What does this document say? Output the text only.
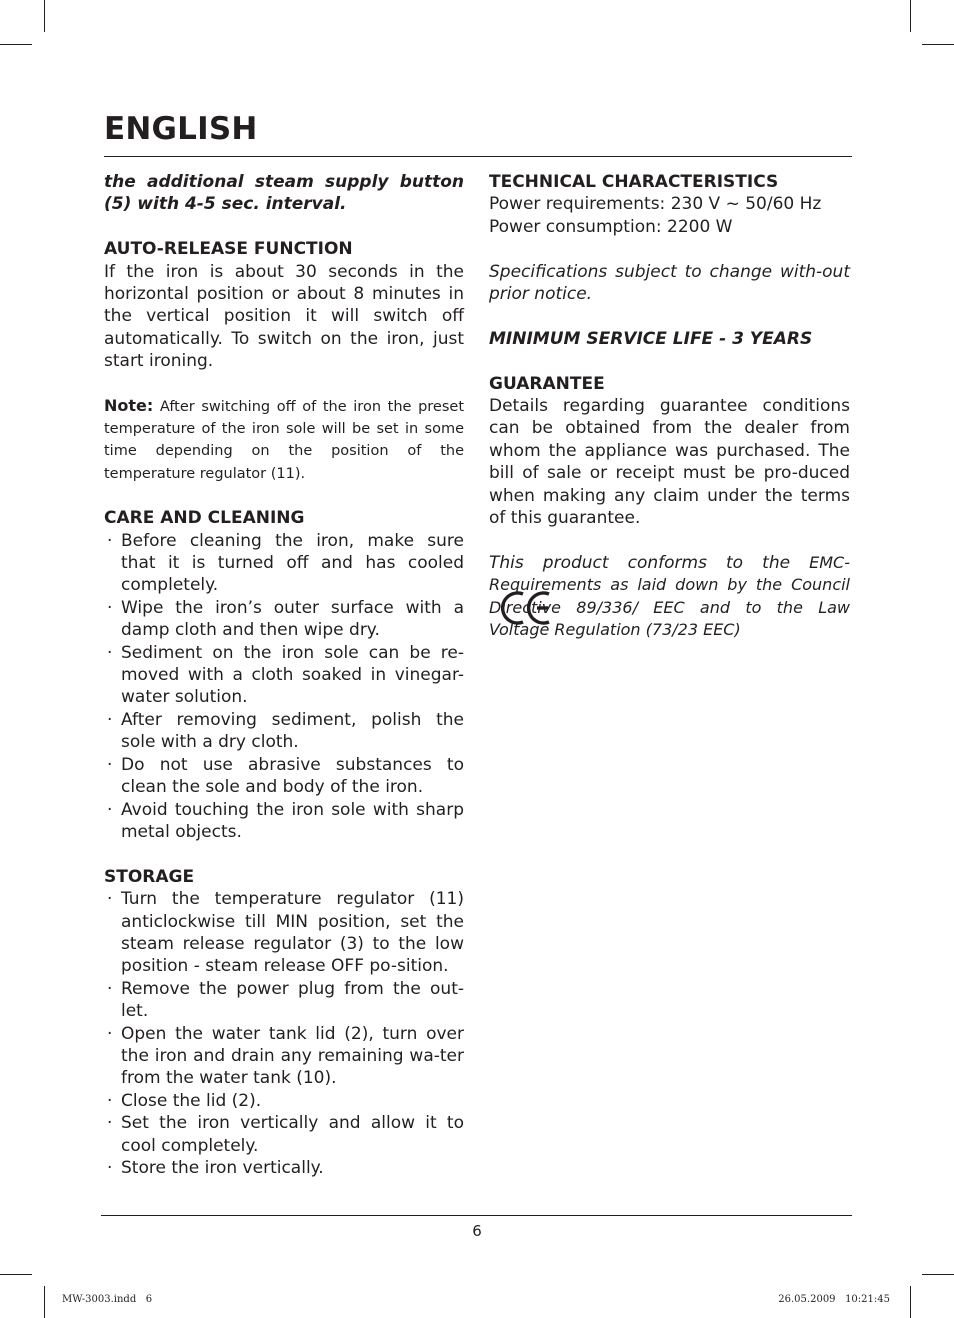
ENGLISH

the additional steam supply button (5) with 4-5 sec. interval.

AUTO-RELEASE FUNCTION

If the iron is about 30 seconds in the horizontal position or about 8 minutes in the vertical position it will switch off automatically. To switch on the iron, just start ironing.

Note: After switching off of the iron the preset temperature of the iron sole will be set in some time depending on the position of the temperature regulator (11).

CARE AND CLEANING

· Before cleaning the iron, make sure that it is turned off and has cooled completely.
· Wipe the iron’s outer surface with a damp cloth and then wipe dry.
· Sediment on the iron sole can be re-moved with a cloth soaked in vinegar-water solution.
· After removing sediment, polish the sole with a dry cloth.
· Do not use abrasive substances to clean the sole and body of the iron.
· Avoid touching the iron sole with sharp metal objects.

STORAGE

· Turn the temperature regulator (11) anticlockwise till MIN position, set the steam release regulator (3) to the low position - steam release OFF po-sition.
· Remove the power plug from the out-let.
· Open the water tank lid (2), turn over the iron and drain any remaining wa-ter from the water tank (10).
· Close the lid (2).
· Set the iron vertically and allow it to cool completely.
· Store the iron vertically.

TECHNICAL CHARACTERISTICS

Power requirements: 230 V ~ 50/60 Hz

Power consumption: 2200 W

Specifications subject to change with-out prior notice.

MINIMUM SERVICE LIFE - 3 YEARS

GUARANTEE

Details regarding guarantee conditions can be obtained from the dealer from whom the appliance was purchased. The bill of sale or receipt must be pro-duced when making any claim under the terms of this guarantee.

This product conforms to the EMC-Requirements as laid down by the Council Directive 89/336/ EEC and to the Law Voltage Regulation (73/23 EEC)

6
MW-3003.indd   6	26.05.2009   10:21:45
